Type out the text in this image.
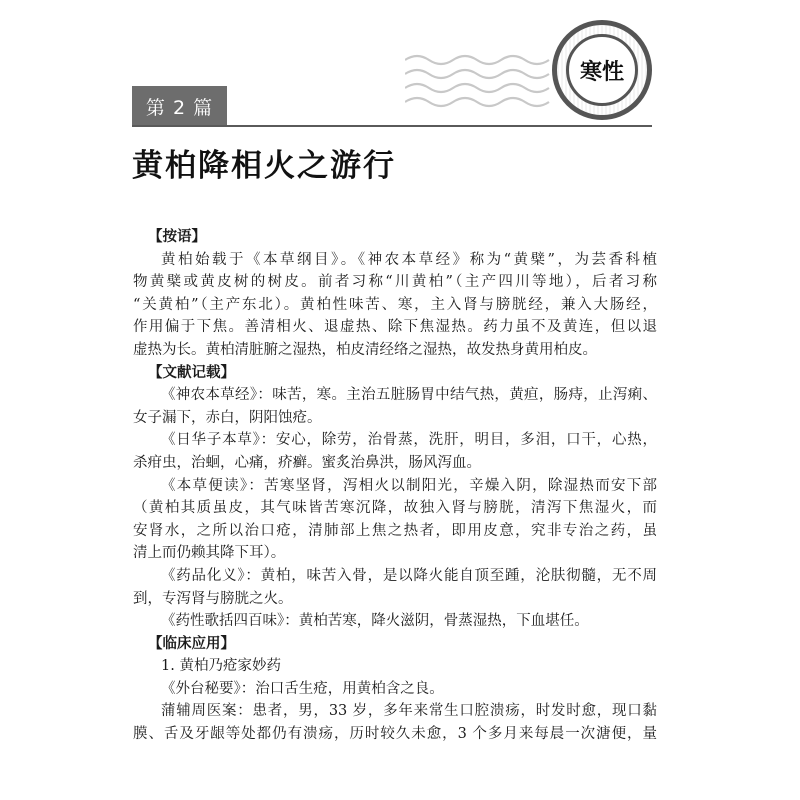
寒性
第 2 篇
黄柏降相火之游行
【按语】
黄柏始载于《本草纲目》。《神农本草经》称为“黄檗”，为芸香科植
物黄檗或黄皮树的树皮。前者习称“川黄柏”（主产四川等地），后者习称
“关黄柏”（主产东北）。黄柏性味苦、寒，主入肾与膀胱经，兼入大肠经，
作用偏于下焦。善清相火、退虚热、除下焦湿热。药力虽不及黄连，但以退
虚热为长。黄柏清脏腑之湿热，柏皮清经络之湿热，故发热身黄用柏皮。
【文献记载】
《神农本草经》：味苦，寒。主治五脏肠胃中结气热，黄疸，肠痔，止泻痢、
女子漏下，赤白，阴阳蚀疮。
《日华子本草》：安心，除劳，治骨蒸，洗肝，明目，多泪，口干，心热，
杀疳虫，治蛔，心痛，疥癣。蜜炙治鼻洪，肠风泻血。
《本草便读》：苦寒坚肾，泻相火以制阳光，辛燥入阴，除湿热而安下部
（黄柏其质虽皮，其气味皆苦寒沉降，故独入肾与膀胱，清泻下焦湿火，而
安肾水，之所以治口疮，清肺部上焦之热者，即用皮意，究非专治之药，虽
清上而仍赖其降下耳）。
《药品化义》：黄柏，味苦入骨，是以降火能自顶至踵，沦肤彻髓，无不周
到，专泻肾与膀胱之火。
《药性歌括四百味》：黄柏苦寒，降火滋阴，骨蒸湿热，下血堪任。
【临床应用】
1. 黄柏乃疮家妙药
《外台秘要》：治口舌生疮，用黄柏含之良。
蒲辅周医案：患者，男，33 岁，多年来常生口腔溃疡，时发时愈，现口黏
膜、舌及牙龈等处都仍有溃疡，历时较久未愈，3 个多月来每晨一次溏便，量
